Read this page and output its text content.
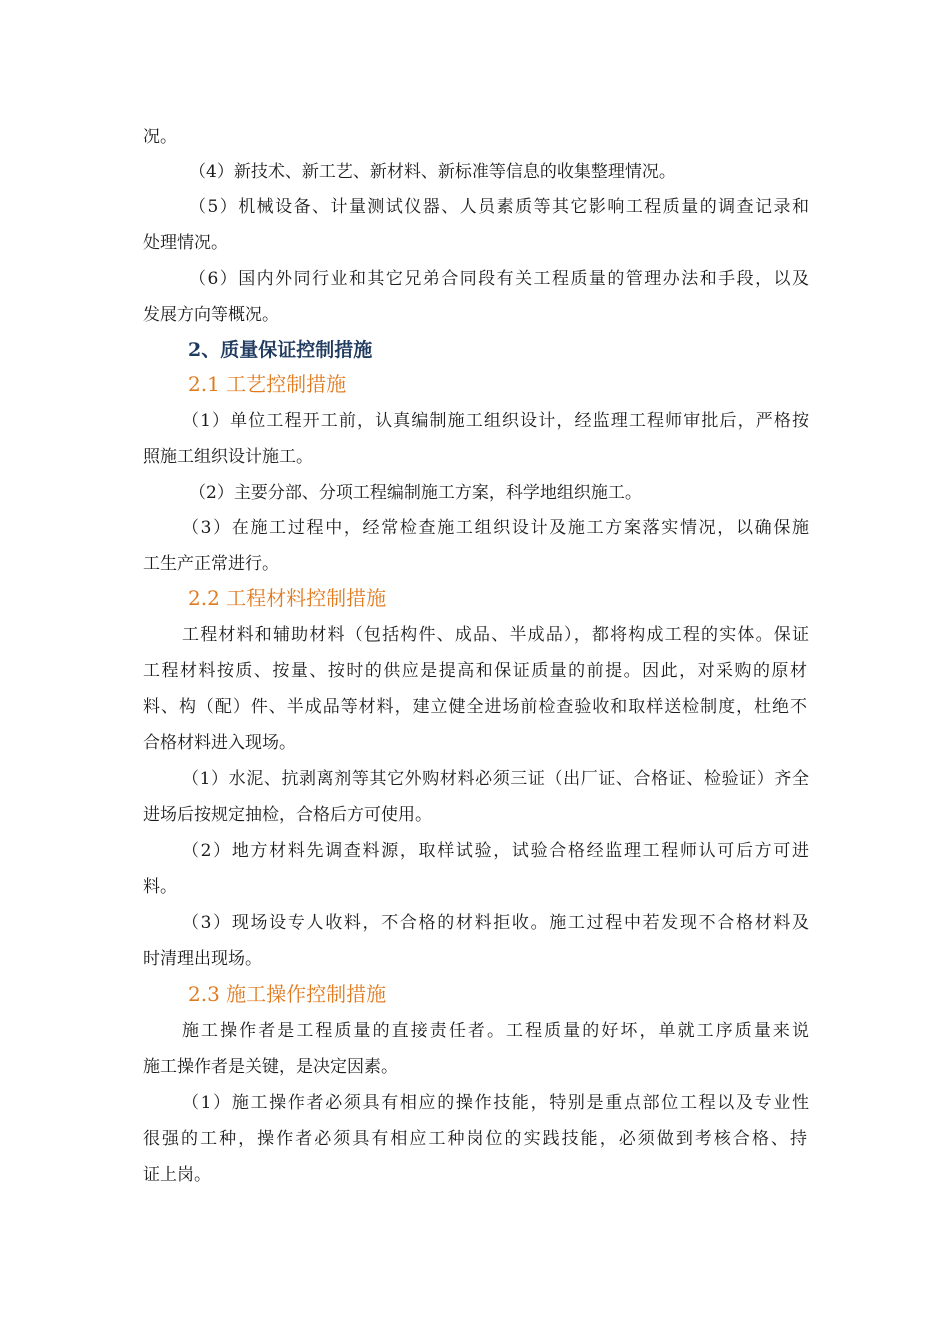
况。
（4）新技术、新工艺、新材料、新标准等信息的收集整理情况。
（5）机械设备、计量测试仪器、人员素质等其它影响工程质量的调查记录和
处理情况。
（6）国内外同行业和其它兄弟合同段有关工程质量的管理办法和手段，以及
发展方向等概况。
2、质量保证控制措施
2.1 工艺控制措施
（1）单位工程开工前，认真编制施工组织设计，经监理工程师审批后，严格按
照施工组织设计施工。
（2）主要分部、分项工程编制施工方案，科学地组织施工。
（3）在施工过程中，经常检查施工组织设计及施工方案落实情况，以确保施
工生产正常进行。
2.2 工程材料控制措施
工程材料和辅助材料（包括构件、成品、半成品），都将构成工程的实体。保证
工程材料按质、按量、按时的供应是提高和保证质量的前提。因此，对采购的原材
料、构（配）件、半成品等材料，建立健全进场前检查验收和取样送检制度，杜绝不
合格材料进入现场。
（1）水泥、抗剥离剂等其它外购材料必须三证（出厂证、合格证、检验证）齐全
进场后按规定抽检，合格后方可使用。
（2）地方材料先调查料源，取样试验，试验合格经监理工程师认可后方可进
料。
（3）现场设专人收料，不合格的材料拒收。施工过程中若发现不合格材料及
时清理出现场。
2.3 施工操作控制措施
施工操作者是工程质量的直接责任者。工程质量的好坏，单就工序质量来说
施工操作者是关键，是决定因素。
（1）施工操作者必须具有相应的操作技能，特别是重点部位工程以及专业性
很强的工种，操作者必须具有相应工种岗位的实践技能，必须做到考核合格、持
证上岗。
